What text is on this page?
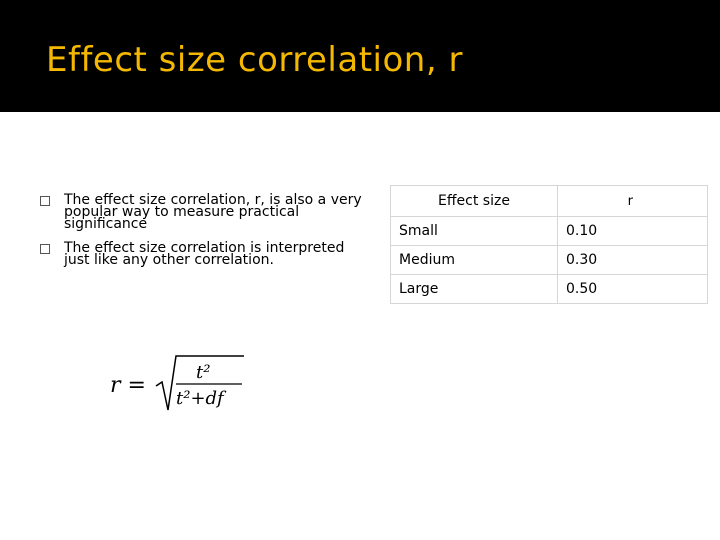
Effect size correlation, r
The effect size correlation, r, is also a very popular way to measure practical significance
The effect size correlation is interpreted just like any other correlation.
r =
t²
t²+df
Effect size	r
Small	0.10
Medium	0.30
Large	0.50
